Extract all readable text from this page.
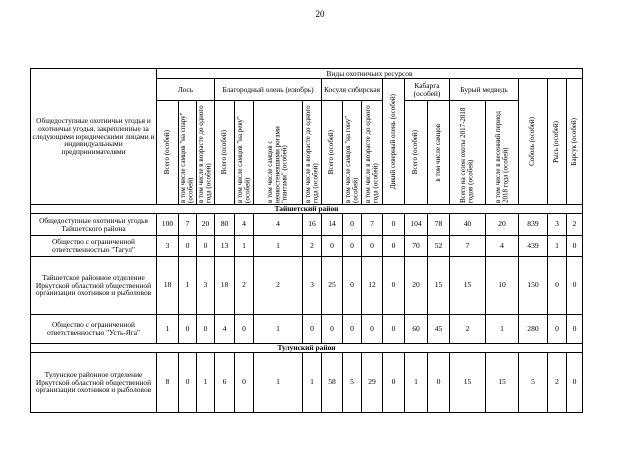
20
Общедоступные охотничьи угодья и охотничьи угодья, закрепленные за следующими юридическими лицами и индивидуальными предпринимателями	Виды охотничьих ресурсов																	
	Лось			Благородный олень (изюбрь)				Косуля сибирская			Дикий северный олень (особей)	Кабарга (особей)		Бурый медведь		Соболь (особей)	Рысь (особей)	Барсук (особей)

	Всего (особей)	в том числе самцов "на спару" (особей)	в том числе в возрасте до одного года (особей)	Всего (особей)	в том числе самцов "на реву" (особей)	в том числе самцов с неокостеневшими рогами "пантами" (особей)	в том числе в возрасте до одного года (особей)	Всего (особей)	в том числе самцов "на гону" (особей)	в том числе в возрасте до одного года (особей)		Всего (особей)	в том числе самцов	Всего на сезон охоты 2017-2018 годов (особей)	в том числе в весенний период 2018 года (особей)			

Тайшетский район																		
Общедоступные охотничьи угодья Тайшетского района	100	7	20	80	4	4	16	14	0	7	0	104	78	40	20	839	3	2
Общество с ограниченной ответственностью "Тагул"	3	0	0	13	1	1	2	0	0	0	0	70	52	7	4	439	1	0
Тайшетское районное отделение Иркутской областной общественной организации охотников и рыболовов	18	1	3	18	2	2	3	25	0	12	0	20	15	15	10	150	0	0
Общество с ограниченной ответственностью "Усть-Яга"	1	0	0	4	0	1	0	0	0	0	0	60	45	2	1	280	0	0
Тулунский район																		
Тулунское районное отделение Иркутской областной общественной организации охотников и рыболовов	8	0	1	6	0	1	1	58	5	29	0	1	0	15	15	5	2	0
